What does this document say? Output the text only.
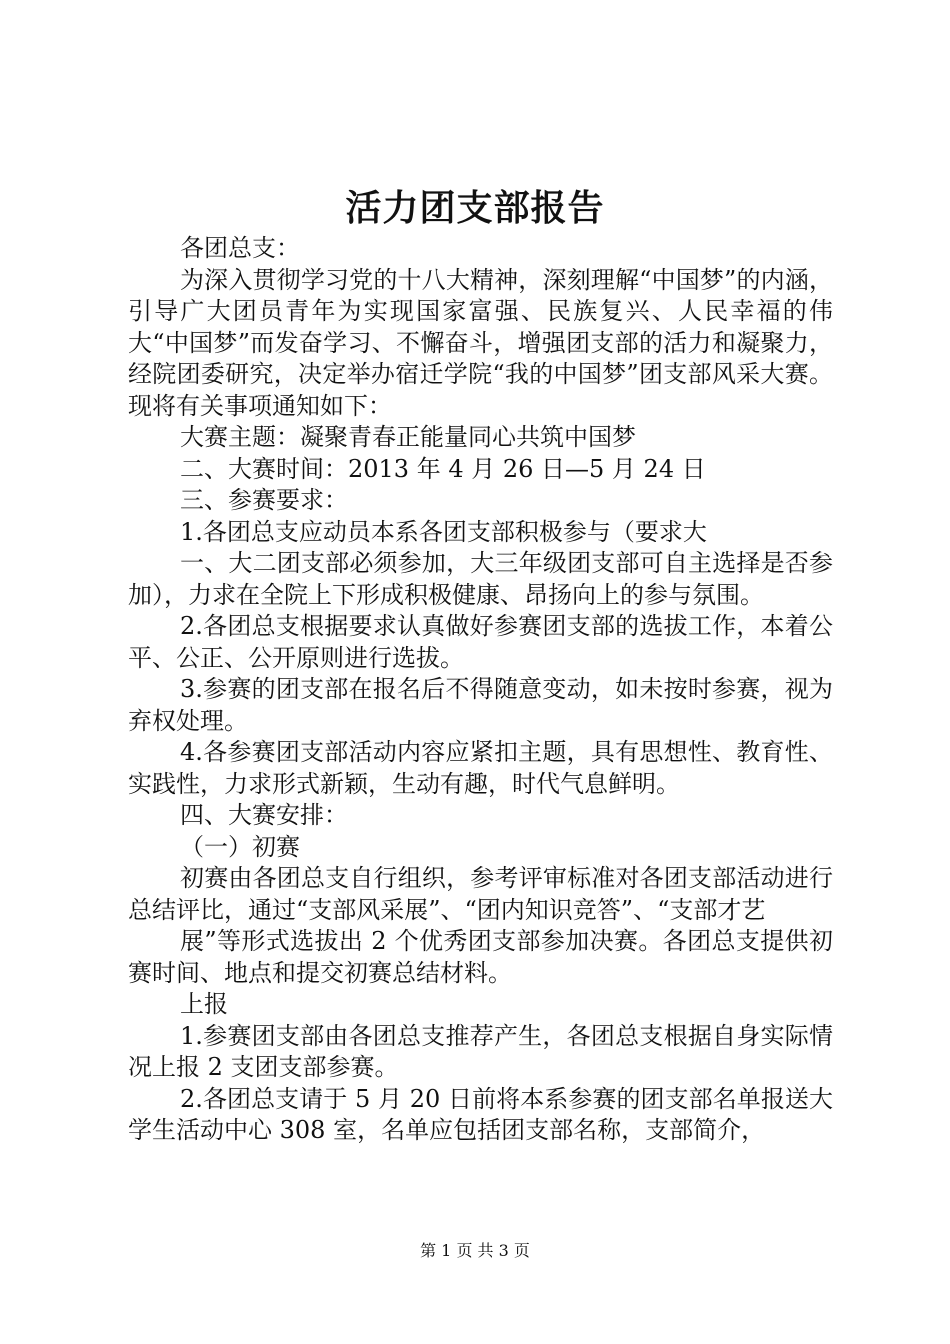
活力团支部报告

各团总支：

为深入贯彻学习党的十八大精神，深刻理解“中国梦”的内涵，引导广大团员青年为实现国家富强、民族复兴、人民幸福的伟大“中国梦”而发奋学习、不懈奋斗，增强团支部的活力和凝聚力，经院团委研究，决定举办宿迁学院“我的中国梦”团支部风采大赛。现将有关事项通知如下：

大赛主题：凝聚青春正能量同心共筑中国梦

二、大赛时间：2013 年 4 月 26 日—5 月 24 日

三、参赛要求：

1.各团总支应动员本系各团支部积极参与（要求大

一、大二团支部必须参加，大三年级团支部可自主选择是否参加），力求在全院上下形成积极健康、昂扬向上的参与氛围。

2.各团总支根据要求认真做好参赛团支部的选拔工作，本着公平、公正、公开原则进行选拔。

3.参赛的团支部在报名后不得随意变动，如未按时参赛，视为弃权处理。

4.各参赛团支部活动内容应紧扣主题，具有思想性、教育性、实践性，力求形式新颖，生动有趣，时代气息鲜明。

四、大赛安排：

（一）初赛

初赛由各团总支自行组织，参考评审标准对各团支部活动进行总结评比，通过“支部风采展”、“团内知识竞答”、“支部才艺

展”等形式选拔出 2 个优秀团支部参加决赛。各团总支提供初赛时间、地点和提交初赛总结材料。

上报

1.参赛团支部由各团总支推荐产生，各团总支根据自身实际情况上报 2 支团支部参赛。

2.各团总支请于 5 月 20 日前将本系参赛的团支部名单报送大学生活动中心 308 室，名单应包括团支部名称，支部简介，

第 1 页 共 3 页
